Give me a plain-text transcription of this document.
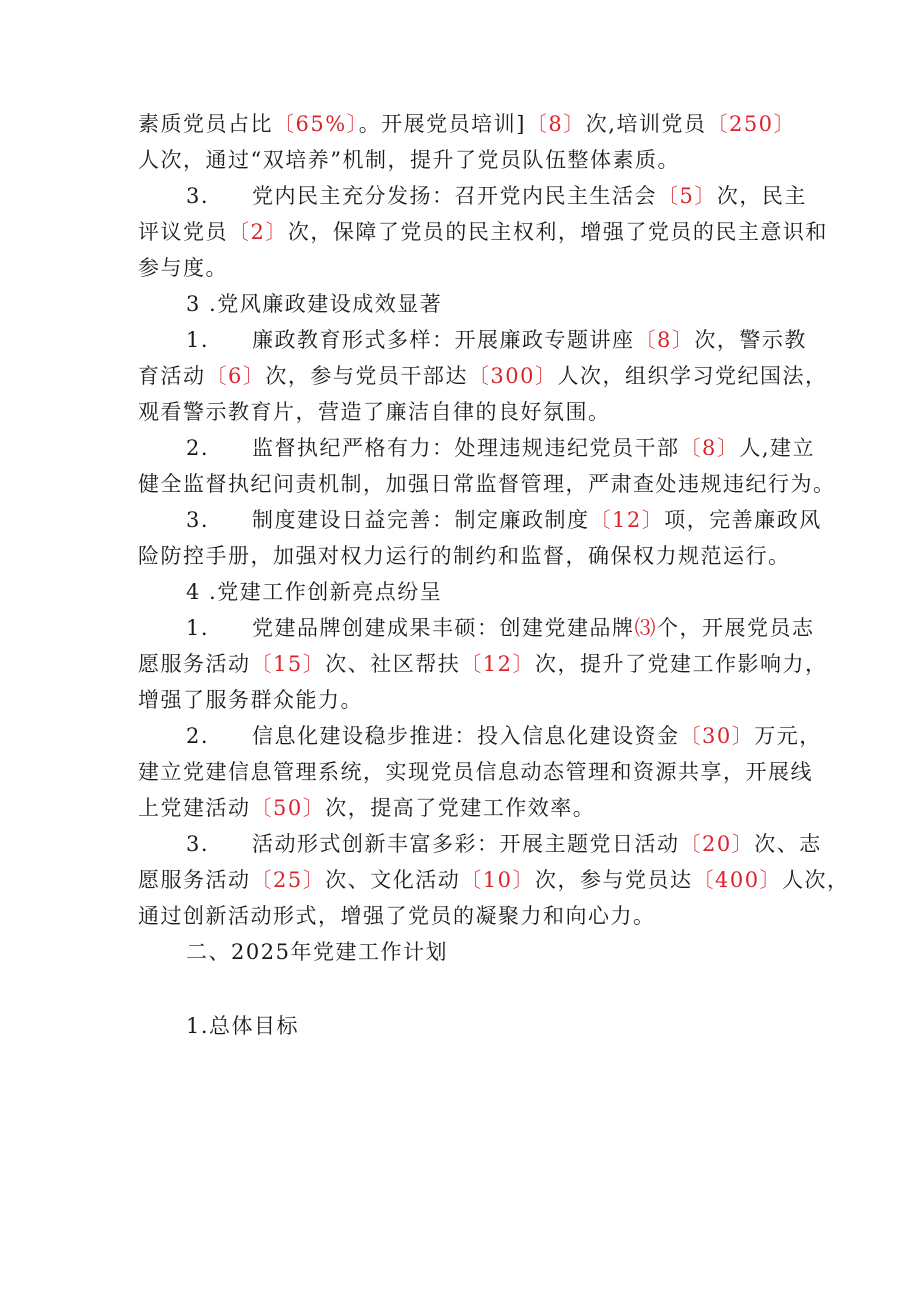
素质党员占比〔65%〕。开展党员培训]〔8〕次,培训党员〔250〕
人次，通过“双培养”机制，提升了党员队伍整体素质。
3. 党内民主充分发扬：召开党内民主生活会〔5〕次，民主
评议党员〔2〕次，保障了党员的民主权利，增强了党员的民主意识和
参与度。
3 .党风廉政建设成效显著
1. 廉政教育形式多样：开展廉政专题讲座〔8〕次，警示教
育活动〔6〕次，参与党员干部达〔300〕人次，组织学习党纪国法，
观看警示教育片，营造了廉洁自律的良好氛围。
2. 监督执纪严格有力：处理违规违纪党员干部〔8〕人,建立
健全监督执纪问责机制，加强日常监督管理，严肃查处违规违纪行为。
3. 制度建设日益完善：制定廉政制度〔12〕项，完善廉政风
险防控手册，加强对权力运行的制约和监督，确保权力规范运行。
4 .党建工作创新亮点纷呈
1. 党建品牌创建成果丰硕：创建党建品牌⑶个，开展党员志
愿服务活动〔15〕次、社区帮扶〔12〕次，提升了党建工作影响力，
增强了服务群众能力。
2. 信息化建设稳步推进：投入信息化建设资金〔30〕万元，
建立党建信息管理系统，实现党员信息动态管理和资源共享，开展线
上党建活动〔50〕次，提高了党建工作效率。
3. 活动形式创新丰富多彩：开展主题党日活动〔20〕次、志
愿服务活动〔25〕次、文化活动〔10〕次，参与党员达〔400〕人次，
通过创新活动形式，增强了党员的凝聚力和向心力。
二、2025年党建工作计划
1.总体目标
